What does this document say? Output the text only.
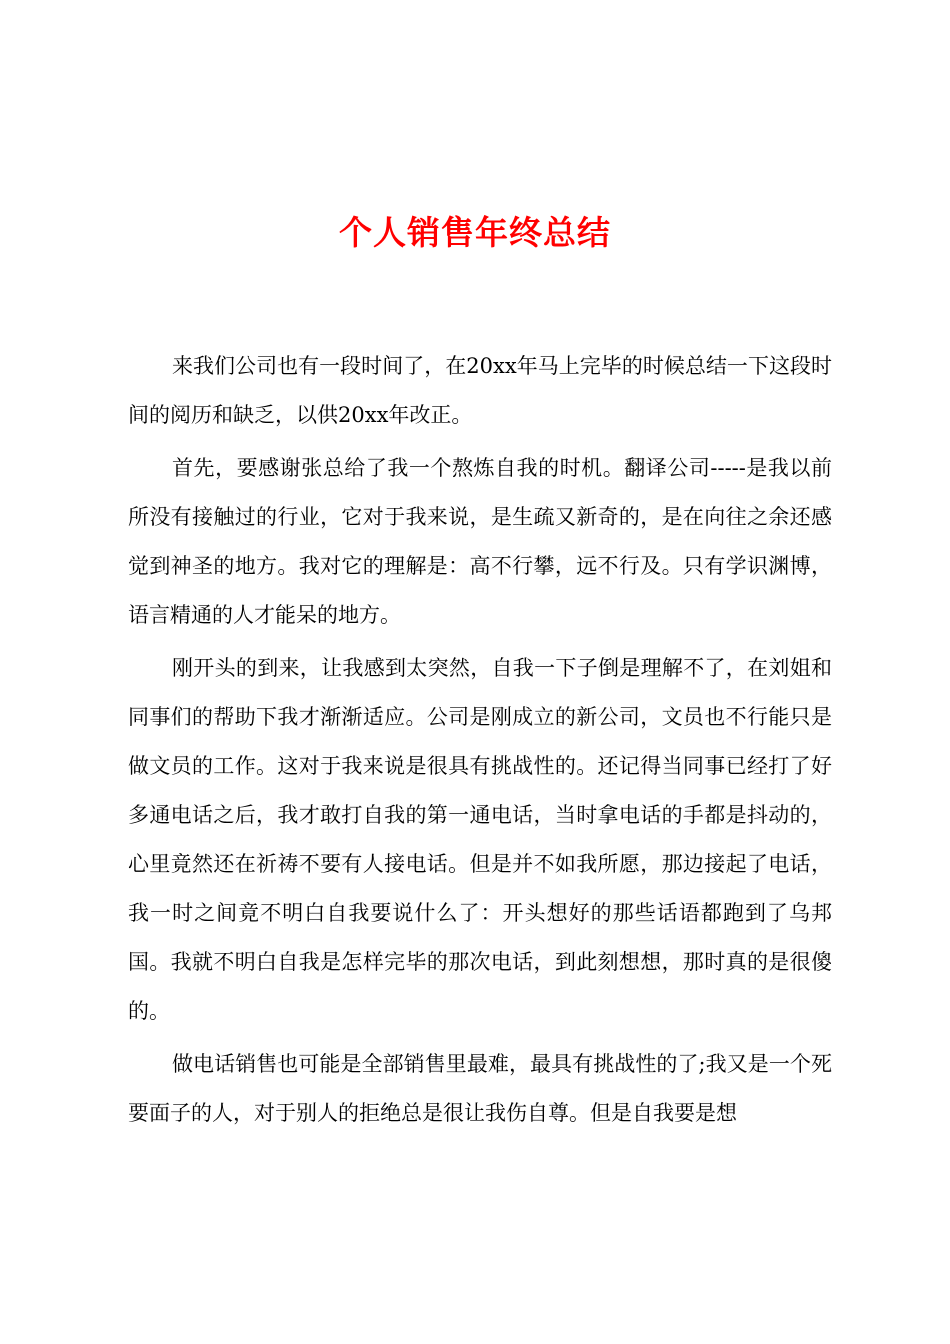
个人销售年终总结

来我们公司也有一段时间了，在20xx年马上完毕的时候总结一下这段时间的阅历和缺乏，以供20xx年改正。

首先，要感谢张总给了我一个熬炼自我的时机。翻译公司-----是我以前所没有接触过的行业，它对于我来说，是生疏又新奇的，是在向往之余还感觉到神圣的地方。我对它的理解是：高不行攀，远不行及。只有学识渊博，语言精通的人才能呆的地方。

刚开头的到来，让我感到太突然，自我一下子倒是理解不了，在刘姐和同事们的帮助下我才渐渐适应。公司是刚成立的新公司，文员也不行能只是做文员的工作。这对于我来说是很具有挑战性的。还记得当同事已经打了好多通电话之后，我才敢打自我的第一通电话，当时拿电话的手都是抖动的，心里竟然还在祈祷不要有人接电话。但是并不如我所愿，那边接起了电话，我一时之间竟不明白自我要说什么了：开头想好的那些话语都跑到了乌邦国。我就不明白自我是怎样完毕的那次电话，到此刻想想，那时真的是很傻的。

做电话销售也可能是全部销售里最难，最具有挑战性的了;我又是一个死要面子的人，对于别人的拒绝总是很让我伤自尊。但是自我要是想
